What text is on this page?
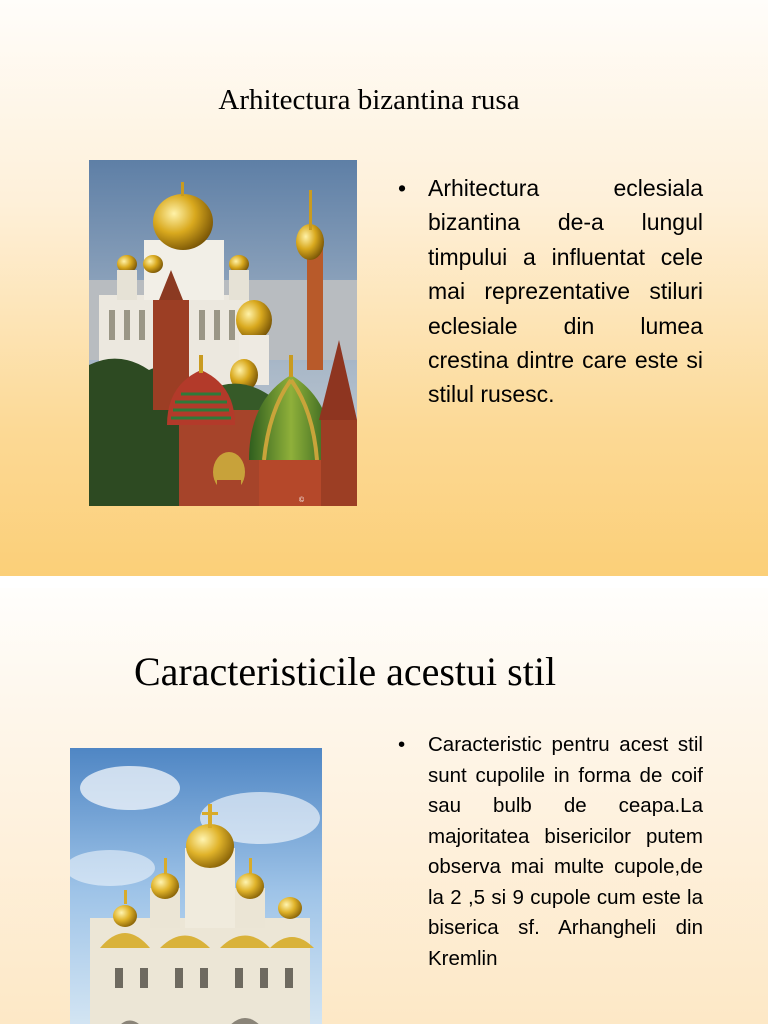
Arhitectura bizantina rusa
©
• Arhitectura eclesiala bizantina de-a lungul timpului a influentat cele mai reprezentative stiluri eclesiale din lumea crestina dintre care este si stilul rusesc.
Caracteristicile acestui stil
•	Caracteristic pentru acest stil sunt cupolile in forma de coif sau bulb de ceapa.La majoritatea bisericilor putem observa mai multe cupole,de la 2 ,5 si 9 cupole cum este la biserica sf. Arhangheli din Kremlin
